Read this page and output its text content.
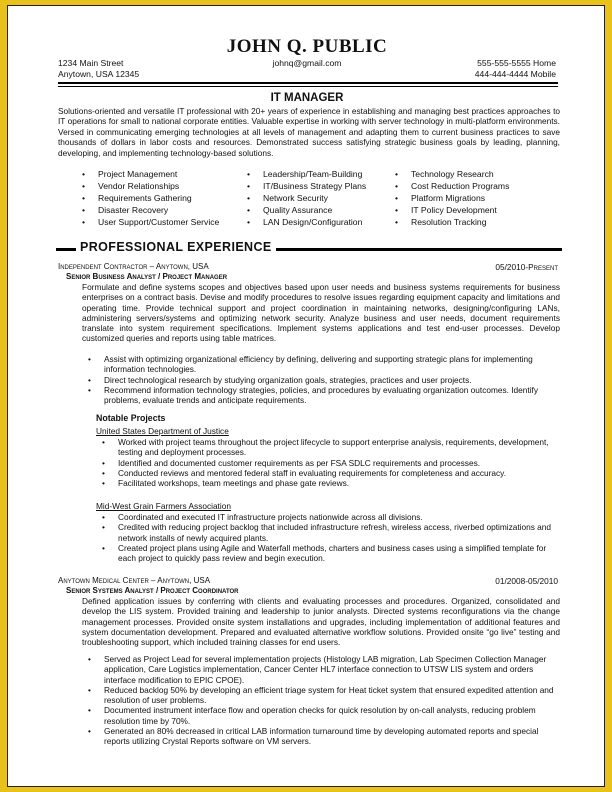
JOHN Q. PUBLIC
1234 Main Street
Anytown, USA 12345
johnq@gmail.com	555-555-5555 Home
444-444-4444 Mobile
IT MANAGER
Solutions-oriented and versatile IT professional with 20+ years of experience in establishing and managing best practices approaches to IT operations for small to national corporate entities. Valuable expertise in working with server technology in multi-platform environments. Versed in communicating emerging technologies at all levels of management and adapting them to current business practices to save thousands of dollars in labor costs and resources. Demonstrated success satisfying strategic business goals by leading, planning, developing, and implementing technology-based solutions.
• Project Management
• Vendor Relationships
• Requirements Gathering
• Disaster Recovery
• User Support/Customer Service
• Leadership/Team-Building
• IT/Business Strategy Plans
• Network Security
• Quality Assurance
• LAN Design/Configuration
• Technology Research
• Cost Reduction Programs
• Platform Migrations
• IT Policy Development
• Resolution Tracking
PROFESSIONAL EXPERIENCE
Independent Contractor – Anytown, USA	05/2010-Present
Senior Business Analyst / Project Manager
Formulate and define systems scopes and objectives based upon user needs and business systems requirements for business enterprises on a contract basis. Devise and modify procedures to resolve issues regarding equipment capacity and limitations and operating time. Provide technical support and project coordination in maintaining networks, designing/configuring LANs, administering servers/systems and optimizing network security. Analyze business and user needs, document requirements translate into system requirement specifications. Implement systems applications and test end-user processes. Develop customized queries and reports using table matrices.
• Assist with optimizing organizational efficiency by defining, delivering and supporting strategic plans for implementing information technologies.
• Direct technological research by studying organization goals, strategies, practices and user projects.
• Recommend information technology strategies, policies, and procedures by evaluating organization outcomes. Identify problems, evaluate trends and anticipate requirements.
Notable Projects
United States Department of Justice
• Worked with project teams throughout the project lifecycle to support enterprise analysis, requirements, development, testing and deployment processes.
• Identified and documented customer requirements as per FSA SDLC requirements and processes.
• Conducted reviews and mentored federal staff in evaluating requirements for completeness and accuracy.
• Facilitated workshops, team meetings and phase gate reviews.
Mid-West Grain Farmers Association
• Coordinated and executed IT infrastructure projects nationwide across all divisions.
• Credited with reducing project backlog that included infrastructure refresh, wireless access, riverbed optimizations and network installs of newly acquired plants.
• Created project plans using Agile and Waterfall methods, charters and business cases using a simplified template for each project to quickly pass review and begin execution.
Anytown Medical Center – Anytown, USA	01/2008-05/2010
Senior Systems Analyst / Project Coordinator
Defined application issues by conferring with clients and evaluating processes and procedures. Organized, consolidated and develop the LIS system. Provided training and leadership to junior analysts. Directed systems reconfigurations via the change management processes. Provided onsite system installations and upgrades, including implementation of additional features and system documentation development. Prepared and evaluated alternative workflow solutions. Provided onsite “go live” testing and troubleshooting support, which included training classes for end users.
• Served as Project Lead for several implementation projects (Histology LAB migration, Lab Specimen Collection Manager application, Care Logistics implementation, Cancer Center HL7 interface connection to UTSW LIS system and orders interface modification to EPIC CPOE).
• Reduced backlog 50% by developing an efficient triage system for Heat ticket system that ensured expedited attention and resolution of user problems.
• Documented instrument interface flow and operation checks for quick resolution by on-call analysts, reducing problem resolution time by 70%.
• Generated an 80% decreased in critical LAB information turnaround time by developing automated reports and special reports utilizing Crystal Reports software on VM servers.
